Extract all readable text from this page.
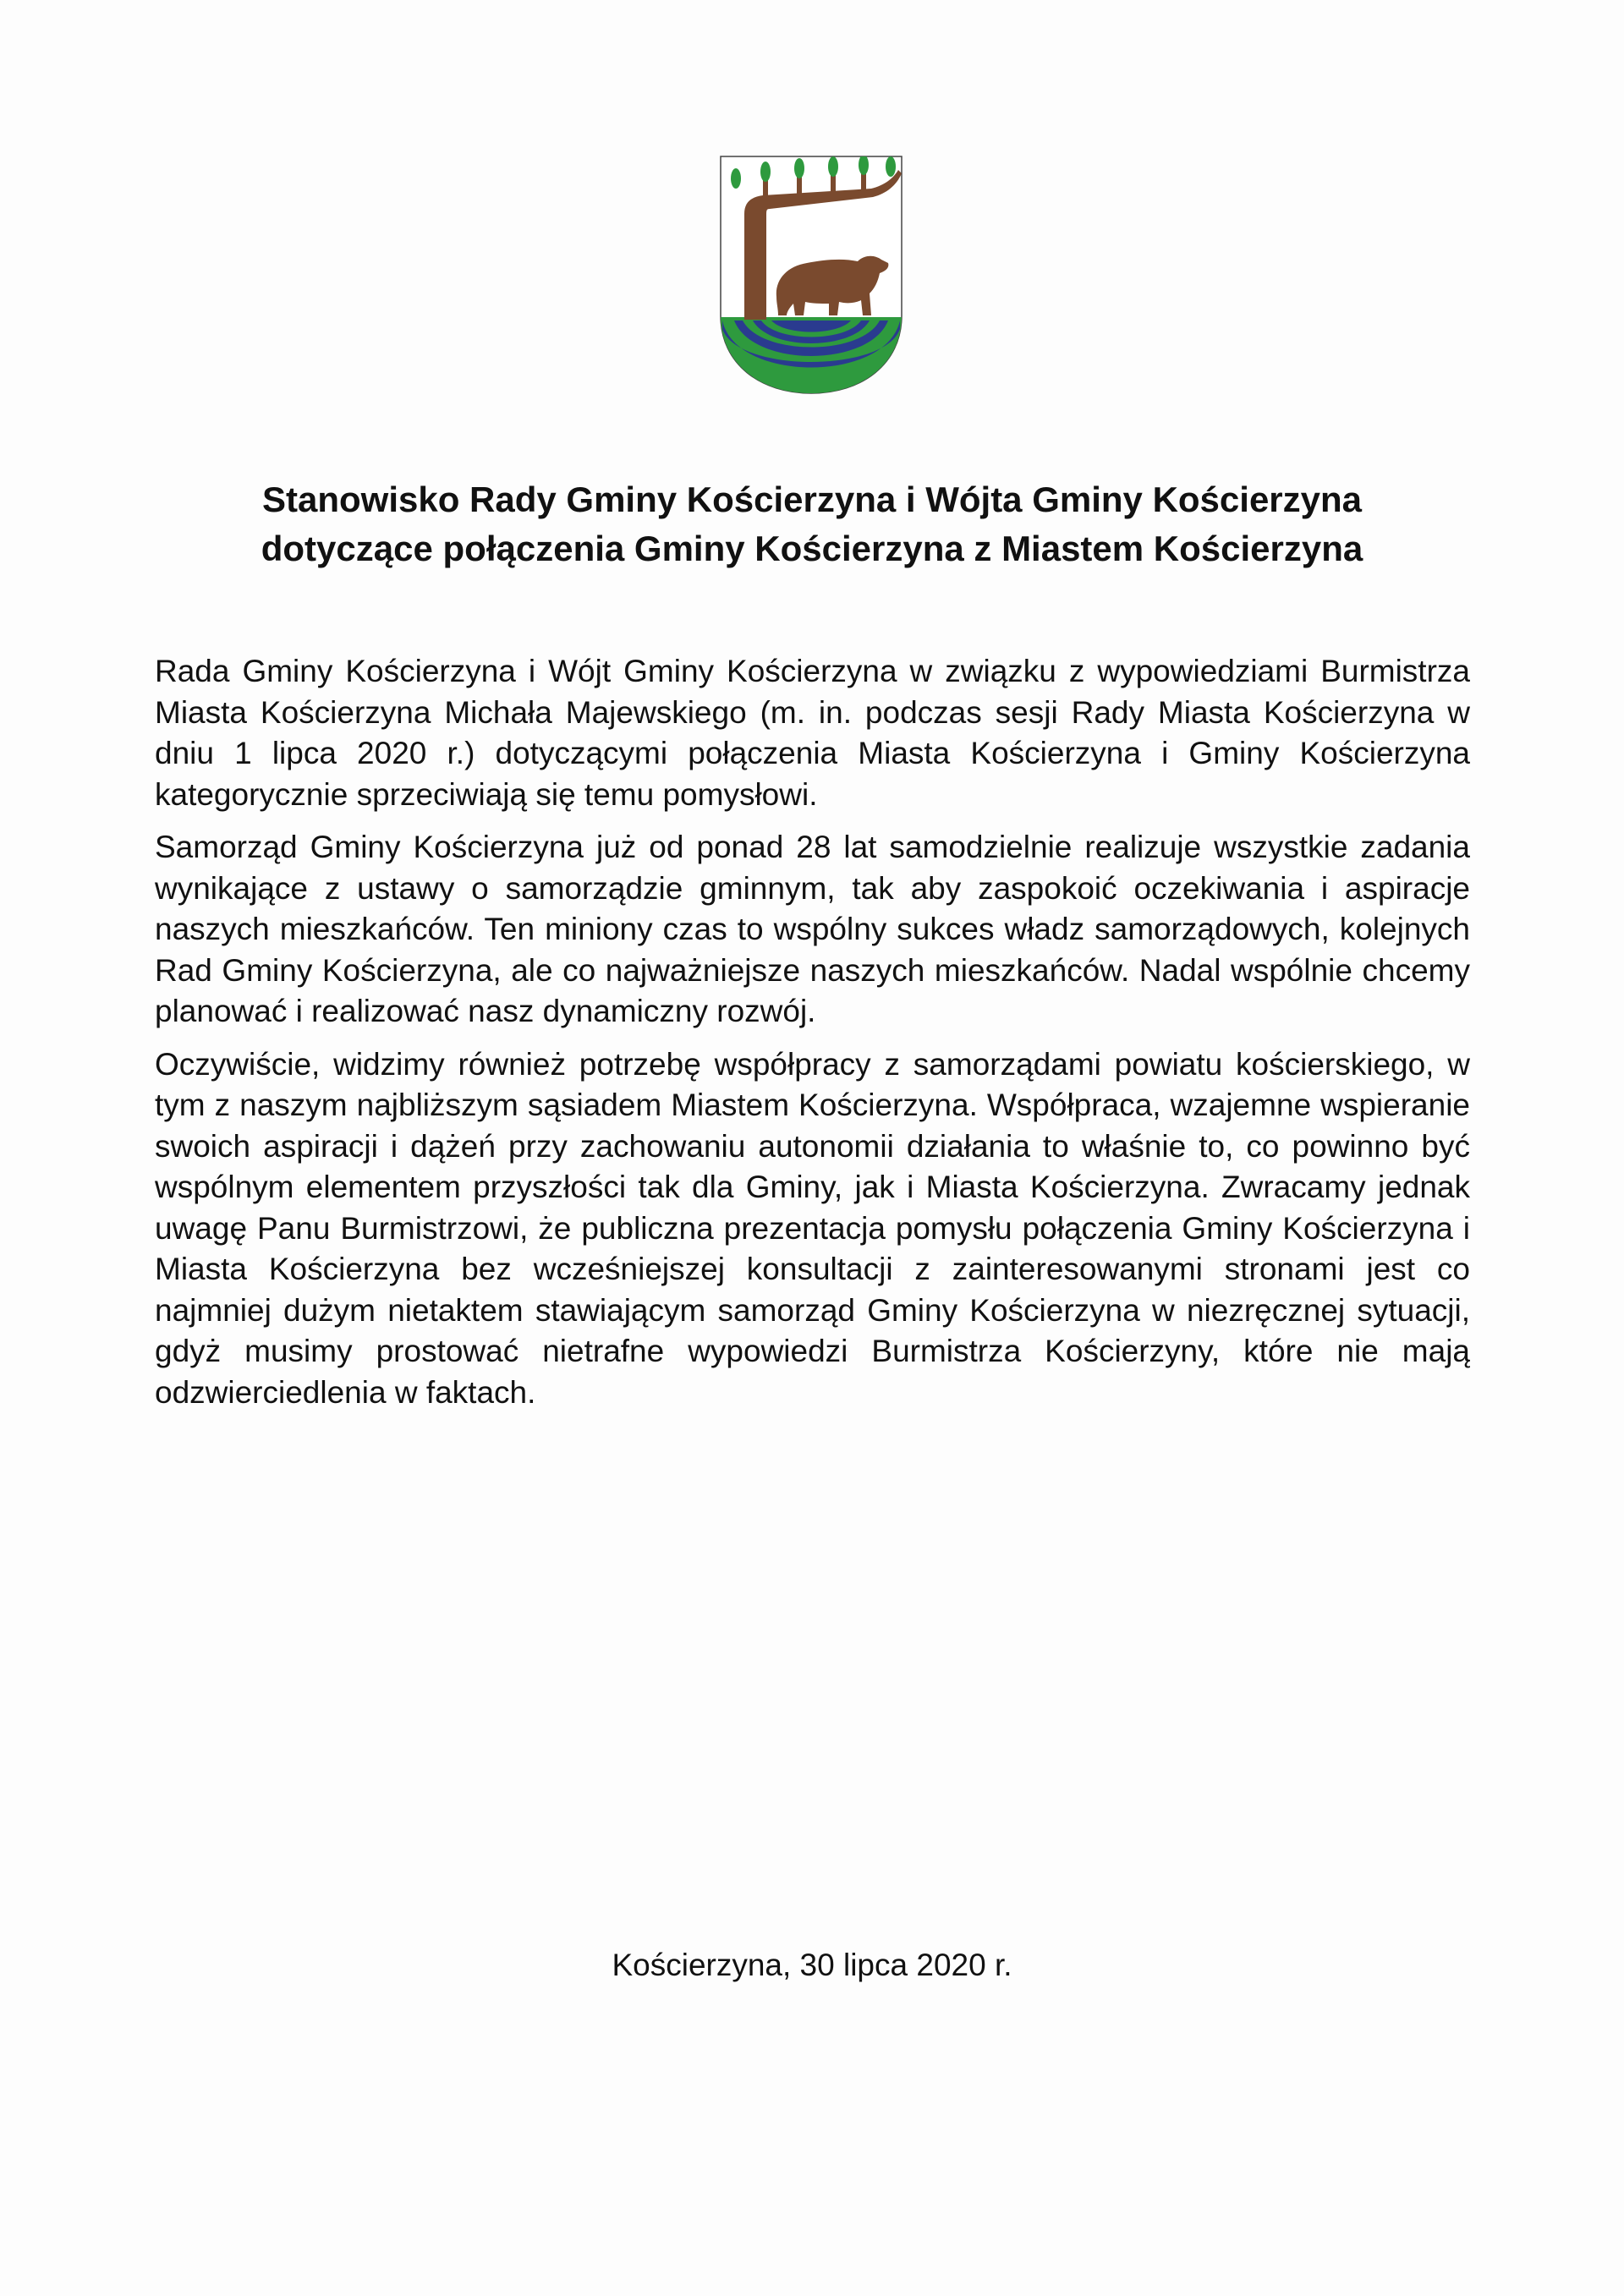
Stanowisko Rady Gminy Kościerzyna i Wójta Gminy Kościerzyna
dotyczące połączenia Gminy Kościerzyna z Miastem Kościerzyna

Rada Gminy Kościerzyna i Wójt Gminy Kościerzyna w związku z wypowiedziami Burmistrza Miasta Kościerzyna Michała Majewskiego (m. in. podczas sesji Rady Miasta Kościerzyna w dniu 1 lipca 2020 r.) dotyczącymi połączenia Miasta Kościerzyna i Gminy Kościerzyna kategorycznie sprzeciwiają się temu pomysłowi.

Samorząd Gminy Kościerzyna już od ponad 28 lat samodzielnie realizuje wszystkie zadania wynikające z ustawy o samorządzie gminnym, tak aby zaspokoić oczekiwania i aspiracje naszych mieszkańców. Ten miniony czas to wspólny sukces władz samorządowych, kolejnych Rad Gminy Kościerzyna, ale co najważniejsze naszych mieszkańców. Nadal wspólnie chcemy planować i realizować nasz dynamiczny rozwój.

Oczywiście, widzimy również potrzebę współpracy z samorządami powiatu kościerskiego, w tym z naszym najbliższym sąsiadem Miastem Kościerzyna. Współpraca, wzajemne wspieranie swoich aspiracji i dążeń przy zachowaniu autonomii działania to właśnie to, co powinno być wspólnym elementem przyszłości tak dla Gminy, jak i Miasta Kościerzyna. Zwracamy jednak uwagę Panu Burmistrzowi, że publiczna prezentacja pomysłu połączenia Gminy Kościerzyna i Miasta Kościerzyna bez wcześniejszej konsultacji z zainteresowanymi stronami jest co najmniej dużym nietaktem stawiającym samorząd Gminy Kościerzyna w niezręcznej sytuacji, gdyż musimy prostować nietrafne wypowiedzi Burmistrza Kościerzyny, które nie mają odzwierciedlenia w faktach.

Kościerzyna, 30 lipca 2020 r.
